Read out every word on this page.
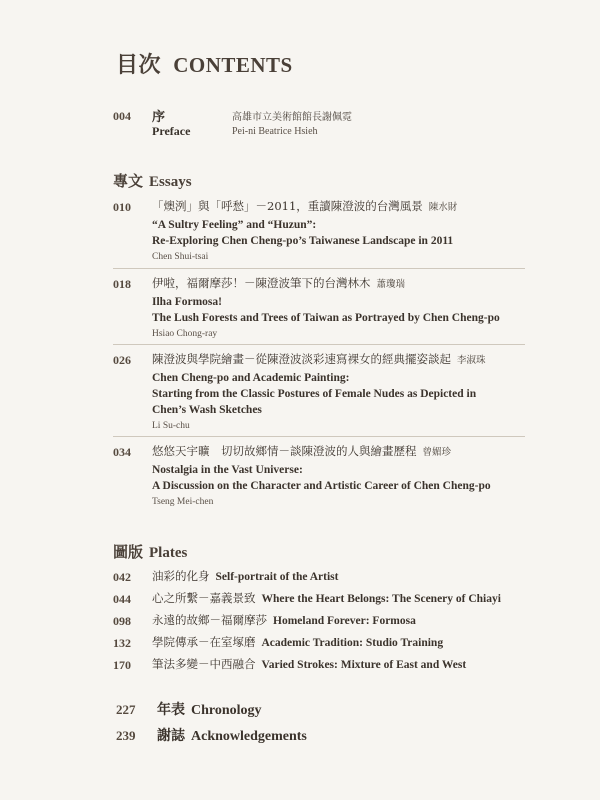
目次 CONTENTS
004 序
Preface
高雄市立美術館館長謝佩霓
Pei-ni Beatrice Hsieh
專文 Essays
010 「燠洌」與「呼愁」－2011，重讀陳澄波的台灣風景 陳水財
“A Sultry Feeling” and “Huzun”:
Re-Exploring Chen Cheng-po’s Taiwanese Landscape in 2011
Chen Shui-tsai
018 伊啦，福爾摩莎！－陳澄波筆下的台灣林木 蕭瓊瑞
Ilha Formosa!
The Lush Forests and Trees of Taiwan as Portrayed by Chen Cheng-po
Hsiao Chong-ray
026 陳澄波與學院繪畫－從陳澄波淡彩速寫裸女的經典擺姿談起 李淑珠
Chen Cheng-po and Academic Painting:
Starting from the Classic Postures of Female Nudes as Depicted in
Chen’s Wash Sketches
Li Su-chu
034 悠悠天宇曠　切切故鄉情－談陳澄波的人與繪畫歷程 曾媚珍
Nostalgia in the Vast Universe:
A Discussion on the Character and Artistic Career of Chen Cheng-po
Tseng Mei-chen
圖版 Plates
042 油彩的化身 Self-portrait of the Artist
044 心之所繫－嘉義景致 Where the Heart Belongs: The Scenery of Chiayi
098 永遠的故鄉－福爾摩莎 Homeland Forever: Formosa
132 學院傳承－在室塚磨 Academic Tradition: Studio Training
170 筆法多變－中西融合 Varied Strokes: Mixture of East and West
227 年表 Chronology
239 謝誌 Acknowledgements
